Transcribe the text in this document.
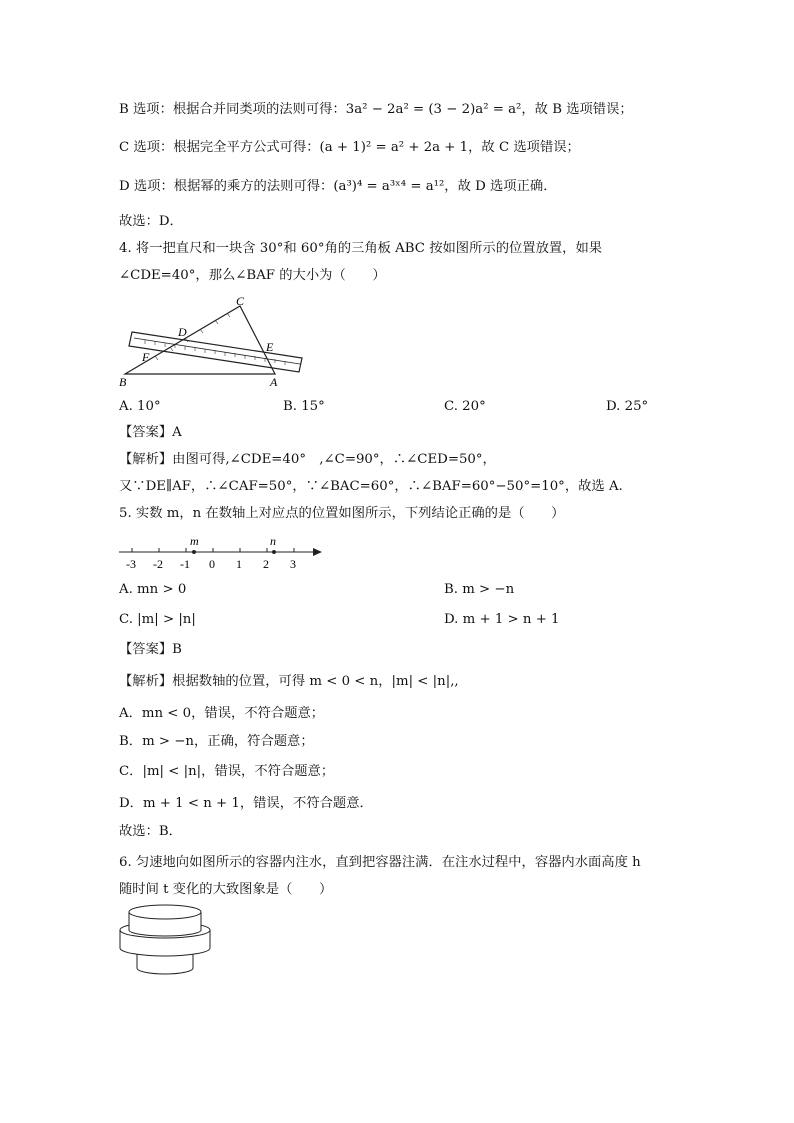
B 选项：根据合并同类项的法则可得：3a² − 2a² = (3 − 2)a² = a²，故 B 选项错误；
C 选项：根据完全平方公式可得：(a + 1)² = a² + 2a + 1，故 C 选项错误；
D 选项：根据幂的乘方的法则可得：(a³)⁴ = a³ˣ⁴ = a¹²，故 D 选项正确．
故选：D．
4. 将一把直尺和一块含 30°和 60°角的三角板 ABC 按如图所示的位置放置，如果
∠CDE=40°，那么∠BAF 的大小为（　　）
C
D
E
F
B	A
A. 10°	B. 15°	C. 20°	D. 25°
【答案】A
【解析】由图可得,∠CDE=40°　,∠C=90°，∴∠CED=50°，
又∵DE∥AF，∴∠CAF=50°，∵∠BAC=60°，∴∠BAF=60°−50°=10°，故选 A.
5. 实数 m，n 在数轴上对应点的位置如图所示，下列结论正确的是（　　）
m	n
-3 -2 -1 0 1 2 3
A. mn > 0	B. m > −n
C. |m| > |n|	D. m + 1 > n + 1
【答案】B
【解析】根据数轴的位置，可得 m < 0 < n，|m| < |n|,,
A．mn < 0，错误，不符合题意；
B．m > −n，正确，符合题意；
C．|m| < |n|，错误，不符合题意；
D．m + 1 < n + 1，错误，不符合题意．
故选：B．
6. 匀速地向如图所示的容器内注水，直到把容器注满．在注水过程中，容器内水面高度 h
随时间 t 变化的大致图象是（　　）
